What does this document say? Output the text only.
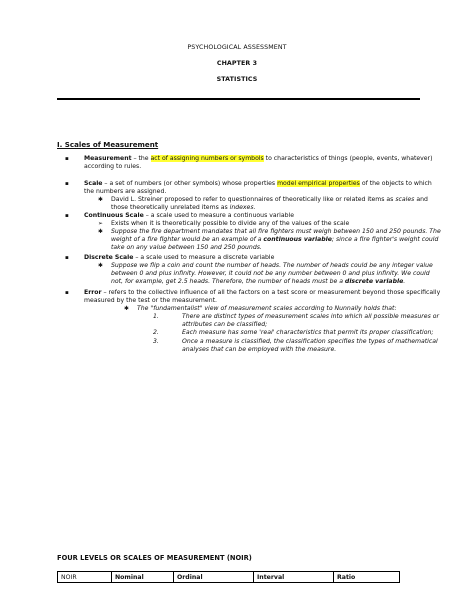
PSYCHOLOGICAL ASSESSMENT
CHAPTER 3
STATISTICS
I. Scales of Measurement
▪	Measurement – the act of assigning numbers or symbols to characteristics of things (people, events, whatever)
according to rules.
▪	Scale – a set of numbers (or other symbols) whose properties model empirical properties of the objects to which
the numbers are assigned.
✱ David L. Streiner proposed to refer to questionnaires of theoretically like or related items as scales and
those theoretically unrelated items as indexes.
▪	Continuous Scale – a scale used to measure a continuous variable
➢ Exists when it is theoretically possible to divide any of the values of the scale
✱ Suppose the fire department mandates that all fire fighters must weigh between 150 and 250 pounds. The
weight of a fire fighter would be an example of a continuous variable; since a fire fighter's weight could
take on any value between 150 and 250 pounds.
▪	Discrete Scale – a scale used to measure a discrete variable
✱ Suppose we flip a coin and count the number of heads. The number of heads could be any integer value
between 0 and plus infinity. However, it could not be any number between 0 and plus infinity. We could
not, for example, get 2.5 heads. Therefore, the number of heads must be a discrete variable.
▪	Error – refers to the collective influence of all the factors on a test score or measurement beyond those specifically
measured by the test or the measurement.
✱ The "fundamentalist" view of measurement scales according to Nunnally holds that:
1.	There are distinct types of measurement scales into which all possible measures or
attributes can be classified;
2.	Each measure has some 'real' characteristics that permit its proper classification;
3.	Once a measure is classified, the classification specifies the types of mathematical
analyses that can be employed with the measure.
FOUR LEVELS OR SCALES OF MEASUREMENT (NOIR)
NOIR	Nominal	Ordinal	Interval	Ratio
